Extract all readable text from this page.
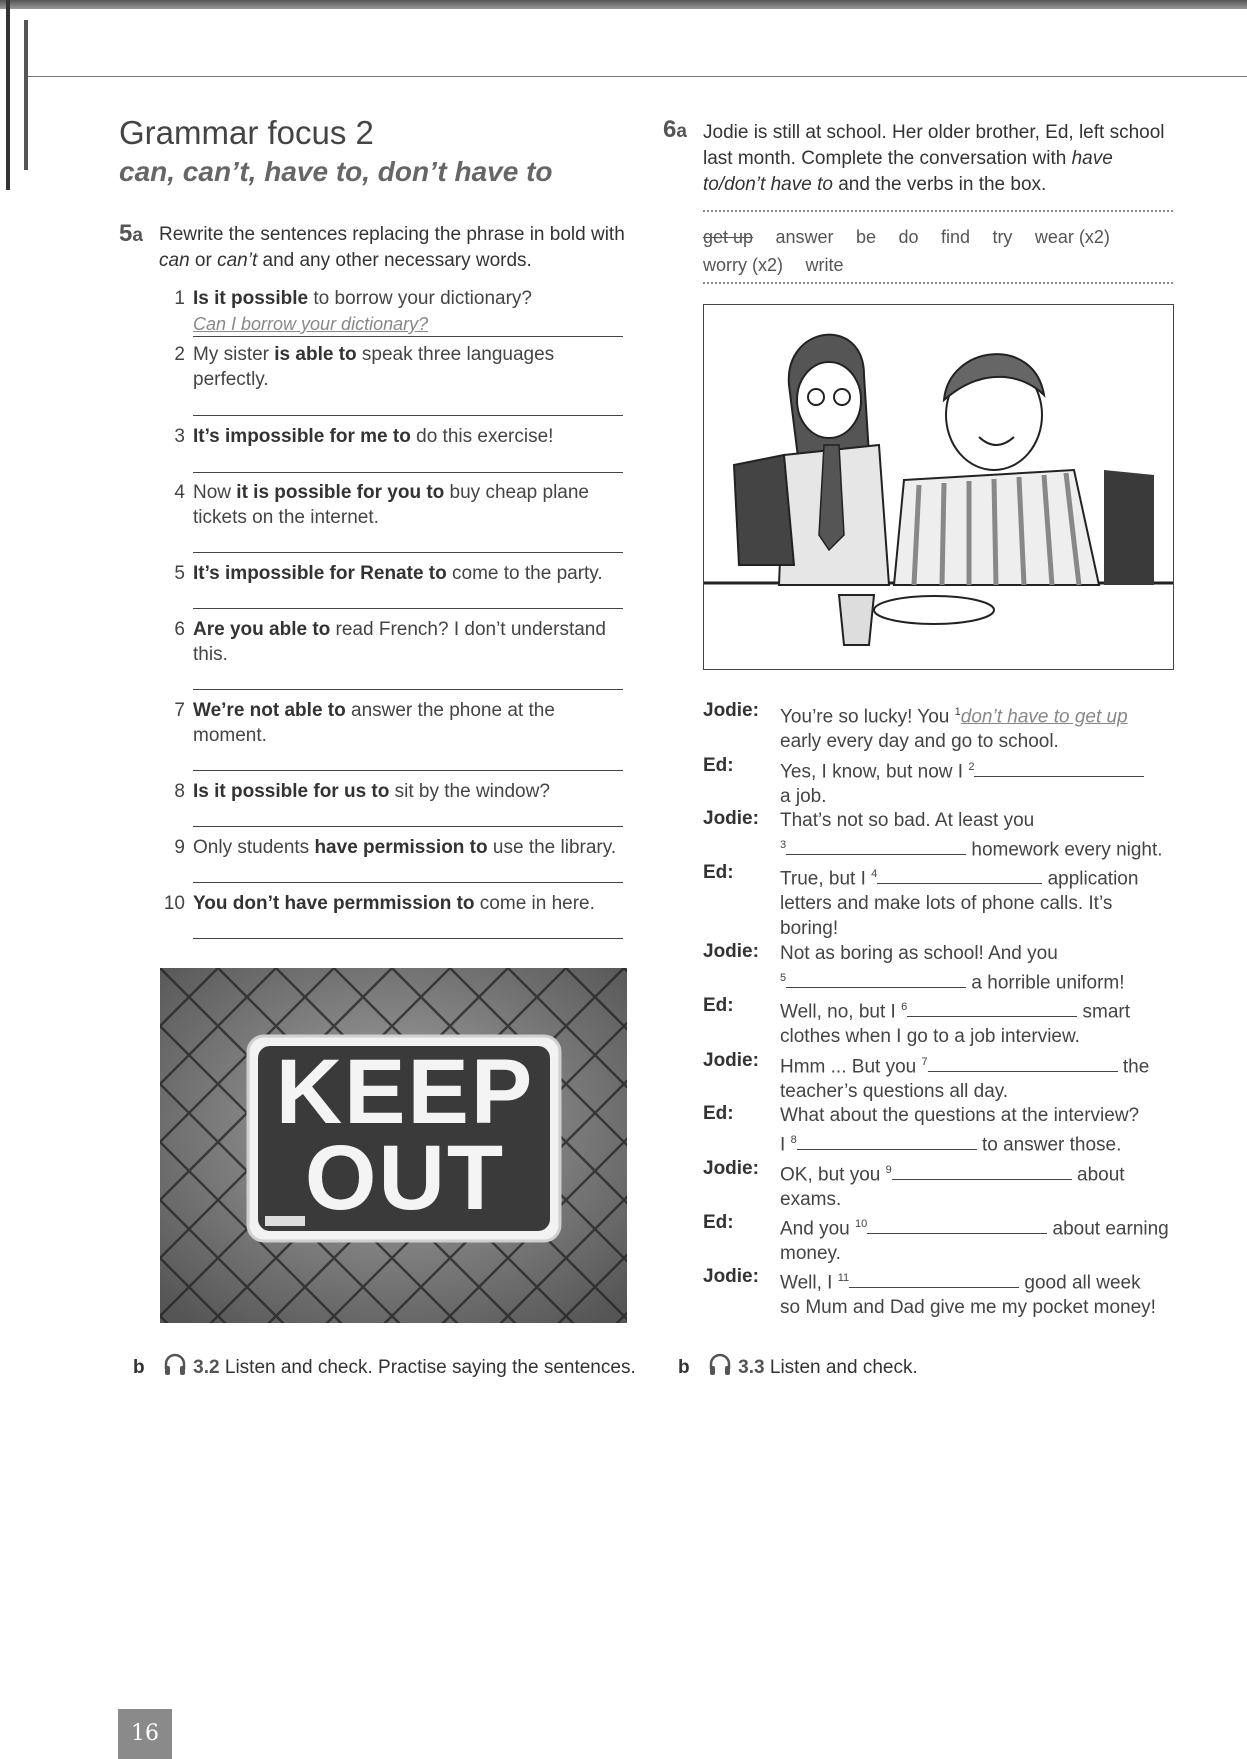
Grammar focus 2
can, can’t, have to, don’t have to
5a Rewrite the sentences replacing the phrase in bold with can or can’t and any other necessary words.
1 Is it possible to borrow your dictionary?
Can I borrow your dictionary?
2 My sister is able to speak three languages perfectly.
3 It’s impossible for me to do this exercise!
4 Now it is possible for you to buy cheap plane tickets on the internet.
5 It’s impossible for Renate to come to the party.
6 Are you able to read French? I don’t understand this.
7 We’re not able to answer the phone at the moment.
8 Is it possible for us to sit by the window?
9 Only students have permission to use the library.
10 You don’t have permmission to come in here.
KEEP
OUT
b	3.2 Listen and check. Practise saying the sentences.
6a Jodie is still at school. Her older brother, Ed, left school last month. Complete the conversation with have to/don’t have to and the verbs in the box.
get up answer be do find try wear (x2)
worry (x2) write
Jodie:	You’re so lucky! You $^1$don’t have to get up
early every day and go to school.
Ed:	Yes, I know, but now I $^2$
a job.
Jodie:	That’s not so bad. At least you
$^3$	homework every night.
Ed:	True, but I $^4$	application
letters and make lots of phone calls. It’s
boring!
Jodie:	Not as boring as school! And you
$^5$	a horrible uniform!
Ed:	Well, no, but I $^6$	smart
clothes when I go to a job interview.
Jodie:	Hmm ... But you $^7$	the
teacher’s questions all day.
Ed:	What about the questions at the interview?
I $^8$	to answer those.
Jodie:	OK, but you $^9$	about
exams.
Ed:	And you $^{10}$	about earning
money.
Jodie:	Well, I $^{11}$	good all week
so Mum and Dad give me my pocket money!
b	3.3 Listen and check.
16
